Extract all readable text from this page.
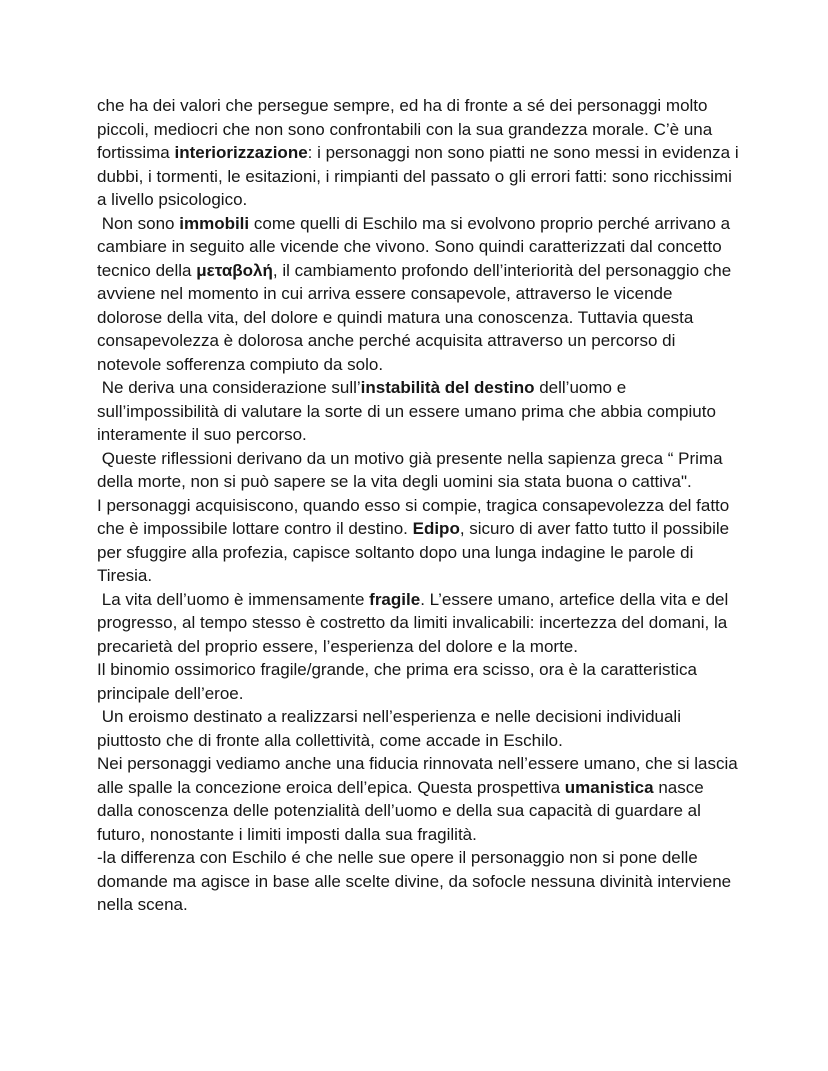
che ha dei valori che persegue sempre, ed ha di fronte a sé dei personaggi molto piccoli, mediocri che non sono confrontabili con la sua grandezza morale. C’è una fortissima interiorizzazione: i personaggi non sono piatti ne sono messi in evidenza i dubbi, i tormenti, le esitazioni, i rimpianti del passato o gli errori fatti: sono ricchissimi a livello psicologico.

Non sono immobili come quelli di Eschilo ma si evolvono proprio perché arrivano a cambiare in seguito alle vicende che vivono. Sono quindi caratterizzati dal concetto tecnico della μεταβολή, il cambiamento profondo dell’interiorità del personaggio che avviene nel momento in cui arriva essere consapevole, attraverso le vicende dolorose della vita, del dolore e quindi matura una conoscenza. Tuttavia questa consapevolezza è dolorosa anche perché acquisita attraverso un percorso di notevole sofferenza compiuto da solo.

Ne deriva una considerazione sull’instabilità del destino dell’uomo e sull’impossibilità di valutare la sorte di un essere umano prima che abbia compiuto interamente il suo percorso.

Queste riflessioni derivano da un motivo già presente nella sapienza greca “ Prima della morte, non si può sapere se la vita degli uomini sia stata buona o cattiva".

I personaggi acquisiscono, quando esso si compie, tragica consapevolezza del fatto che è impossibile lottare contro il destino. Edipo, sicuro di aver fatto tutto il possibile per sfuggire alla profezia, capisce soltanto dopo una lunga indagine le parole di Tiresia.

La vita dell’uomo è immensamente fragile. L’essere umano, artefice della vita e del progresso, al tempo stesso è costretto da limiti invalicabili: incertezza del domani, la precarietà del proprio essere, l’esperienza del dolore e la morte.

Il binomio ossimorico fragile/grande, che prima era scisso, ora è la caratteristica principale dell’eroe.

Un eroismo destinato a realizzarsi nell’esperienza e nelle decisioni individuali piuttosto che di fronte alla collettività, come accade in Eschilo.

Nei personaggi vediamo anche una fiducia rinnovata nell’essere umano, che si lascia alle spalle la concezione eroica dell’epica. Questa prospettiva umanistica nasce dalla conoscenza delle potenzialità dell’uomo e della sua capacità di guardare al futuro, nonostante i limiti imposti dalla sua fragilità.

-la differenza con Eschilo é che nelle sue opere il personaggio non si pone delle domande ma agisce in base alle scelte divine, da sofocle nessuna divinità interviene nella scena.
